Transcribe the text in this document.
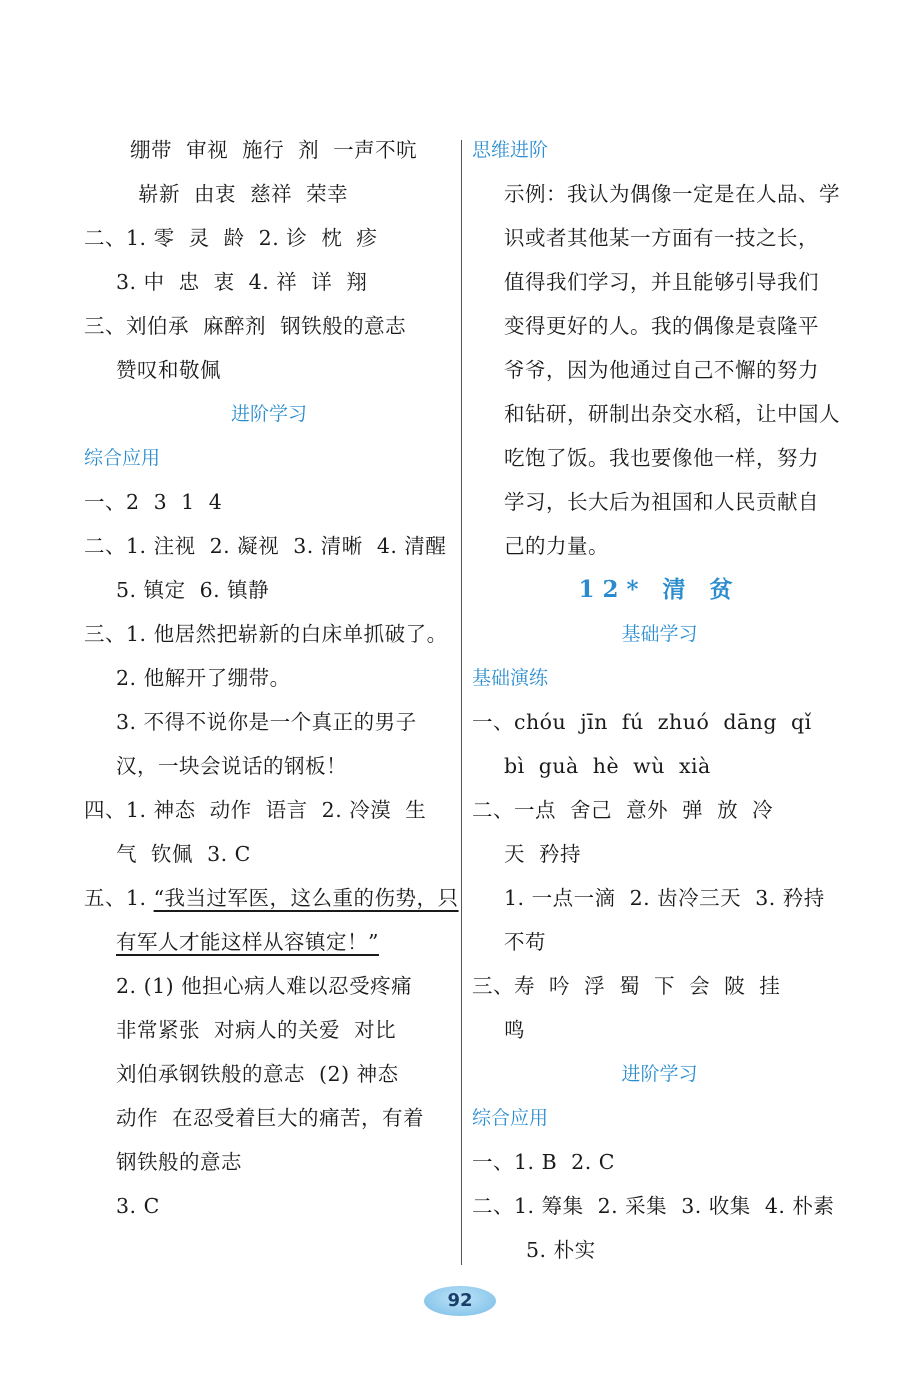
绷带  审视  施行  剂  一声不吭
崭新  由衷  慈祥  荣幸
二、1. 零  灵  龄  2. 诊  枕  疹
3. 中  忠  衷  4. 祥  详  翔
三、刘伯承  麻醉剂  钢铁般的意志
赞叹和敬佩
进阶学习
综合应用
一、2  3  1  4
二、1. 注视  2. 凝视  3. 清晰  4. 清醒
5. 镇定  6. 镇静
三、1. 他居然把崭新的白床单抓破了。
2. 他解开了绷带。
3. 不得不说你是一个真正的男子
汉，一块会说话的钢板！
四、1. 神态  动作  语言  2. 冷漠  生
气  钦佩  3. C
五、1. “我当过军医，这么重的伤势，只
有军人才能这样从容镇定！”
2. (1) 他担心病人难以忍受疼痛
非常紧张  对病人的关爱  对比
刘伯承钢铁般的意志  (2) 神态
动作  在忍受着巨大的痛苦，有着
钢铁般的意志
3. C
思维进阶
示例：我认为偶像一定是在人品、学
识或者其他某一方面有一技之长，
值得我们学习，并且能够引导我们
变得更好的人。我的偶像是袁隆平
爷爷，因为他通过自己不懈的努力
和钻研，研制出杂交水稻，让中国人
吃饱了饭。我也要像他一样，努力
学习，长大后为祖国和人民贡献自
己的力量。
12* 清 贫
基础学习
基础演练
一、chóu  jīn  fú  zhuó  dāng  qǐ
bì  guà  hè  wù  xià
二、一点  舍己  意外  弹  放  冷
天  矜持
1. 一点一滴  2. 齿冷三天  3. 矜持
不苟
三、寿  吟  浮  蜀  下  会  陂  挂
鸣
进阶学习
综合应用
一、1. B  2. C
二、1. 筹集  2. 采集  3. 收集  4. 朴素
5. 朴实
92
